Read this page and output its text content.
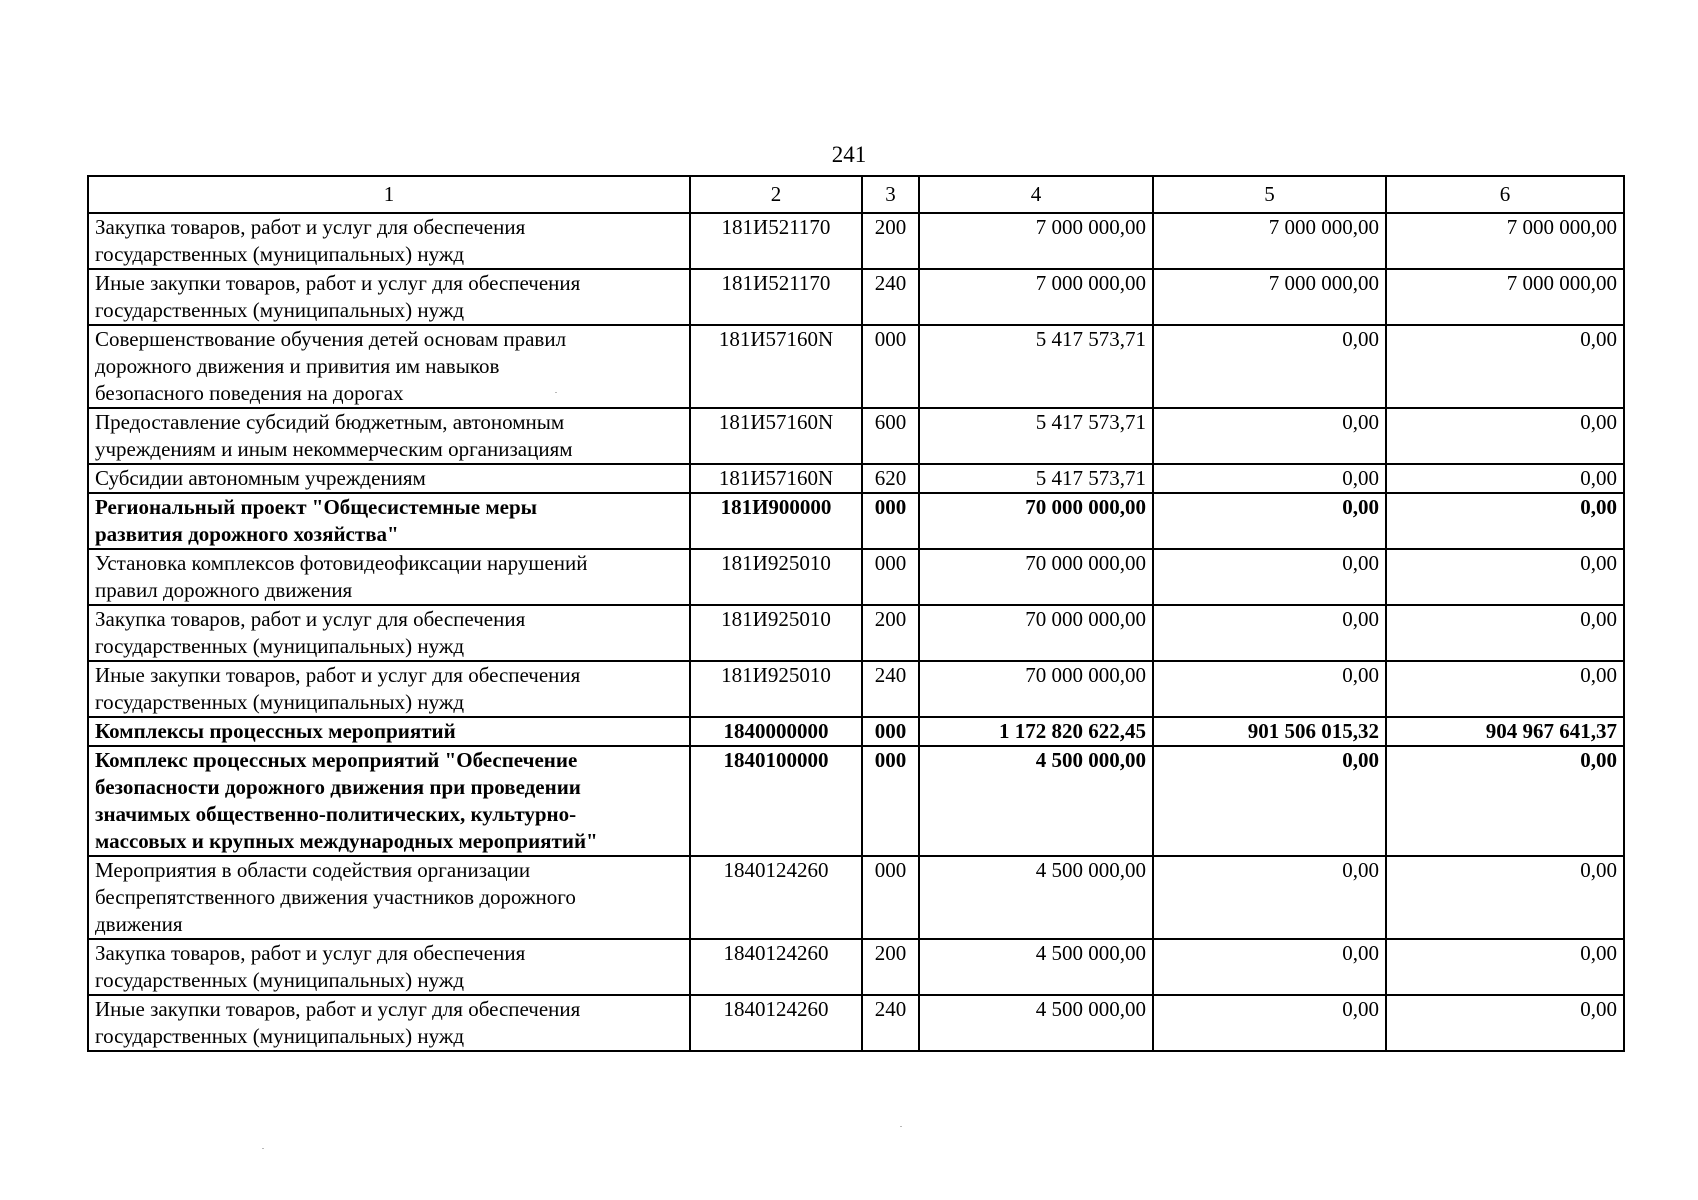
241
1	2	3	4	5	6

Закупка товаров, работ и услуг для обеспечения
государственных (муниципальных) нужд	181И521170	200	7 000 000,00	7 000 000,00	7 000 000,00

Иные закупки товаров, работ и услуг для обеспечения
государственных (муниципальных) нужд	181И521170	240	7 000 000,00	7 000 000,00	7 000 000,00

Совершенствование обучения детей основам правил
дорожного движения и привития им навыков
безопасного поведения на дорогах	181И57160N	000	5 417 573,71	0,00	0,00

Предоставление субсидий бюджетным, автономным
учреждениям и иным некоммерческим организациям	181И57160N	600	5 417 573,71	0,00	0,00

Субсидии автономным учреждениям	181И57160N	620	5 417 573,71	0,00	0,00

Региональный проект "Общесистемные меры
развития дорожного хозяйства"	181И900000	000	70 000 000,00	0,00	0,00

Установка комплексов фотовидеофиксации нарушений
правил дорожного движения	181И925010	000	70 000 000,00	0,00	0,00

Закупка товаров, работ и услуг для обеспечения
государственных (муниципальных) нужд	181И925010	200	70 000 000,00	0,00	0,00

Иные закупки товаров, работ и услуг для обеспечения
государственных (муниципальных) нужд	181И925010	240	70 000 000,00	0,00	0,00

Комплексы процессных мероприятий	1840000000	000	1 172 820 622,45	901 506 015,32	904 967 641,37

Комплекс процессных мероприятий "Обеспечение
безопасности дорожного движения при проведении
значимых общественно-политических, культурно-
массовых и крупных международных мероприятий"	1840100000	000	4 500 000,00	0,00	0,00

Мероприятия в области содействия организации
беспрепятственного движения участников дорожного
движения	1840124260	000	4 500 000,00	0,00	0,00

Закупка товаров, работ и услуг для обеспечения
государственных (муниципальных) нужд	1840124260	200	4 500 000,00	0,00	0,00

Иные закупки товаров, работ и услуг для обеспечения
государственных (муниципальных) нужд	1840124260	240	4 500 000,00	0,00	0,00
